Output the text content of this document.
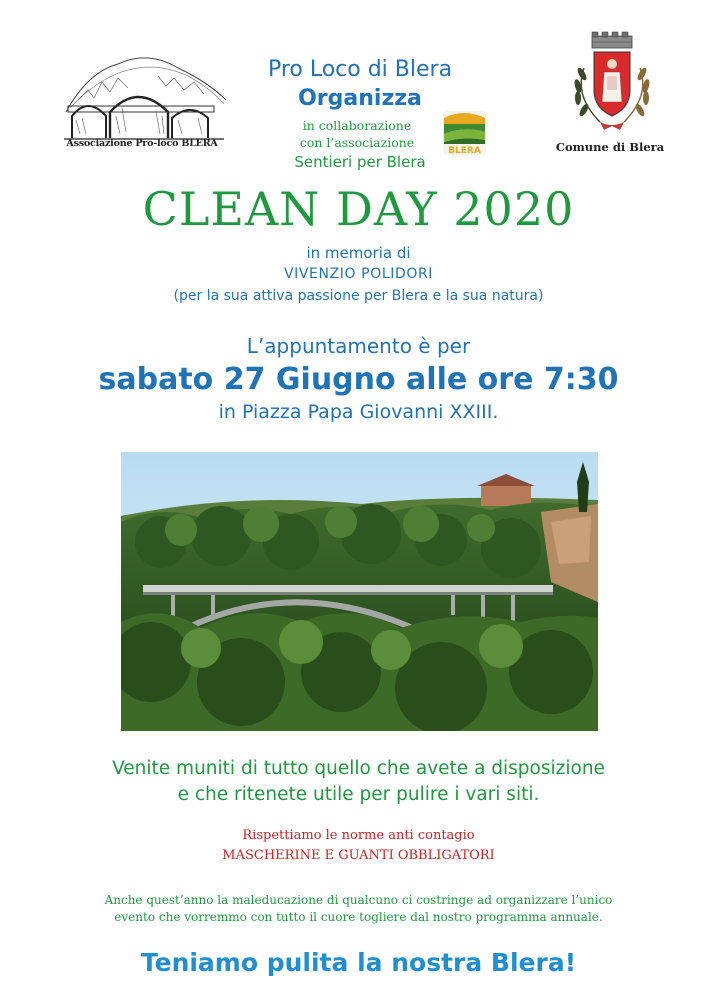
Associazione Pro-loco BLERA
Pro Loco di Blera
Organizza
in collaborazione
con l’associazione
Sentieri per Blera
BLERA	Comune di Blera
CLEAN DAY 2020
in memoria di
VIVENZIO POLIDORI
(per la sua attiva passione per Blera e la sua natura)
L’appuntamento è per
sabato 27 Giugno alle ore 7:30
in Piazza Papa Giovanni XXIII.
Venite muniti di tutto quello che avete a disposizione
e che ritenete utile per pulire i vari siti.
Rispettiamo le norme anti contagio
MASCHERINE E GUANTI OBBLIGATORI
Anche quest’anno la maleducazione di qualcuno ci costringe ad organizzare l’unico
evento che vorremmo con tutto il cuore togliere dal nostro programma annuale.
Teniamo pulita la nostra Blera!
